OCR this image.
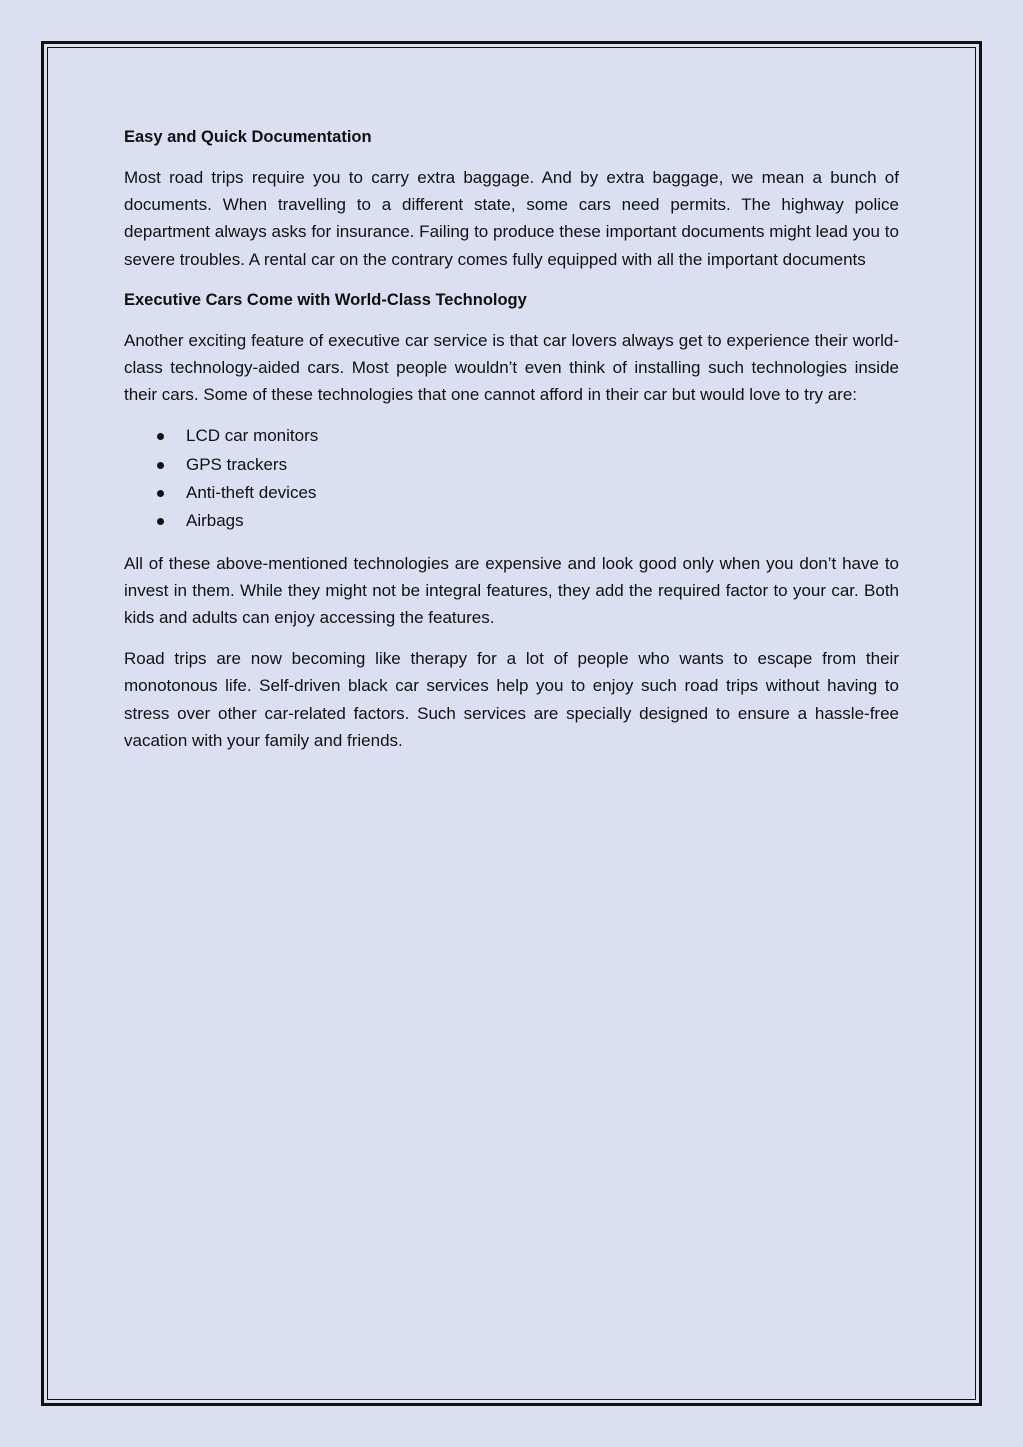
Easy and Quick Documentation

Most road trips require you to carry extra baggage. And by extra baggage, we mean a bunch of documents. When travelling to a different state, some cars need permits. The highway police department always asks for insurance. Failing to produce these important documents might lead you to severe troubles. A rental car on the contrary comes fully equipped with all the important documents

Executive Cars Come with World-Class Technology

Another exciting feature of executive car service is that car lovers always get to experience their world-class technology-aided cars. Most people wouldn’t even think of installing such technologies inside their cars. Some of these technologies that one cannot afford in their car but would love to try are:

LCD car monitors
GPS trackers
Anti-theft devices
Airbags

All of these above-mentioned technologies are expensive and look good only when you don’t have to invest in them. While they might not be integral features, they add the required factor to your car. Both kids and adults can enjoy accessing the features.

Road trips are now becoming like therapy for a lot of people who wants to escape from their monotonous life. Self-driven black car services help you to enjoy such road trips without having to stress over other car-related factors. Such services are specially designed to ensure a hassle-free vacation with your family and friends.
